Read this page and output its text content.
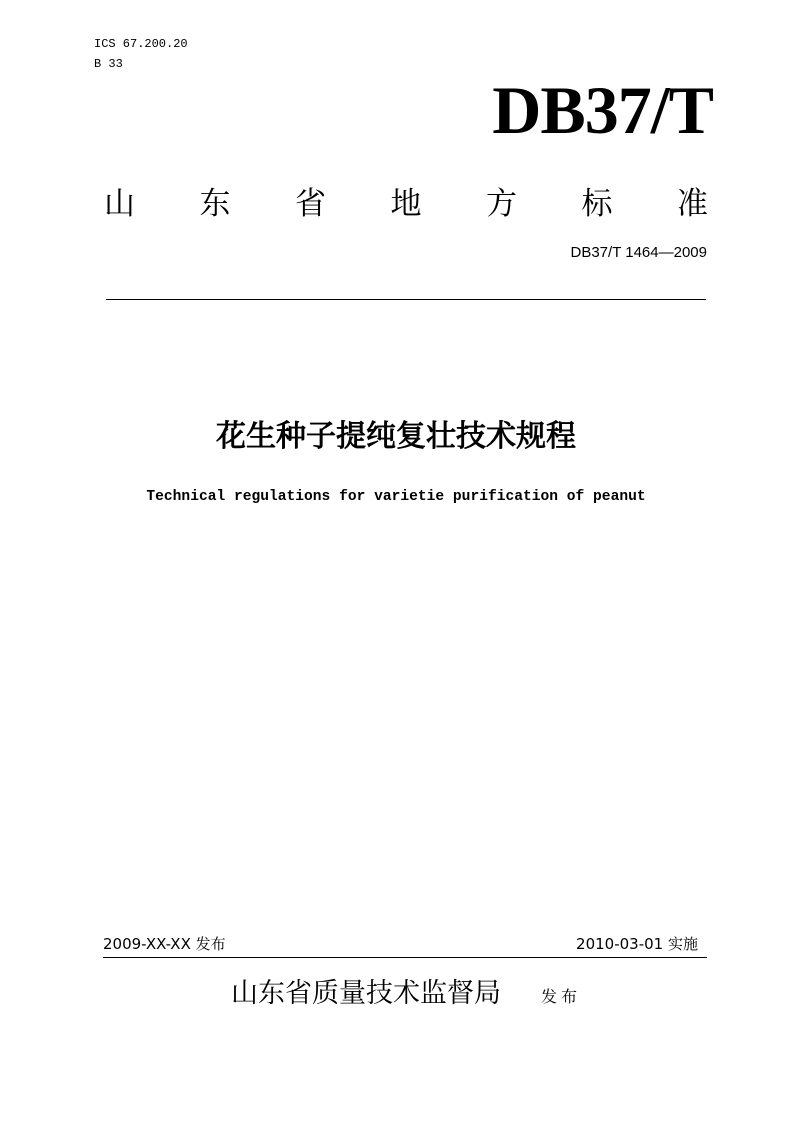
ICS 67.200.20
B 33
DB37/T
山 东 省 地 方 标 准
DB37/T 1464—2009
花生种子提纯复壮技术规程
Technical regulations for varietie purification of peanut
2009-XX-XX 发布	2010-03-01 实施
山东省质量技术监督局	发布
